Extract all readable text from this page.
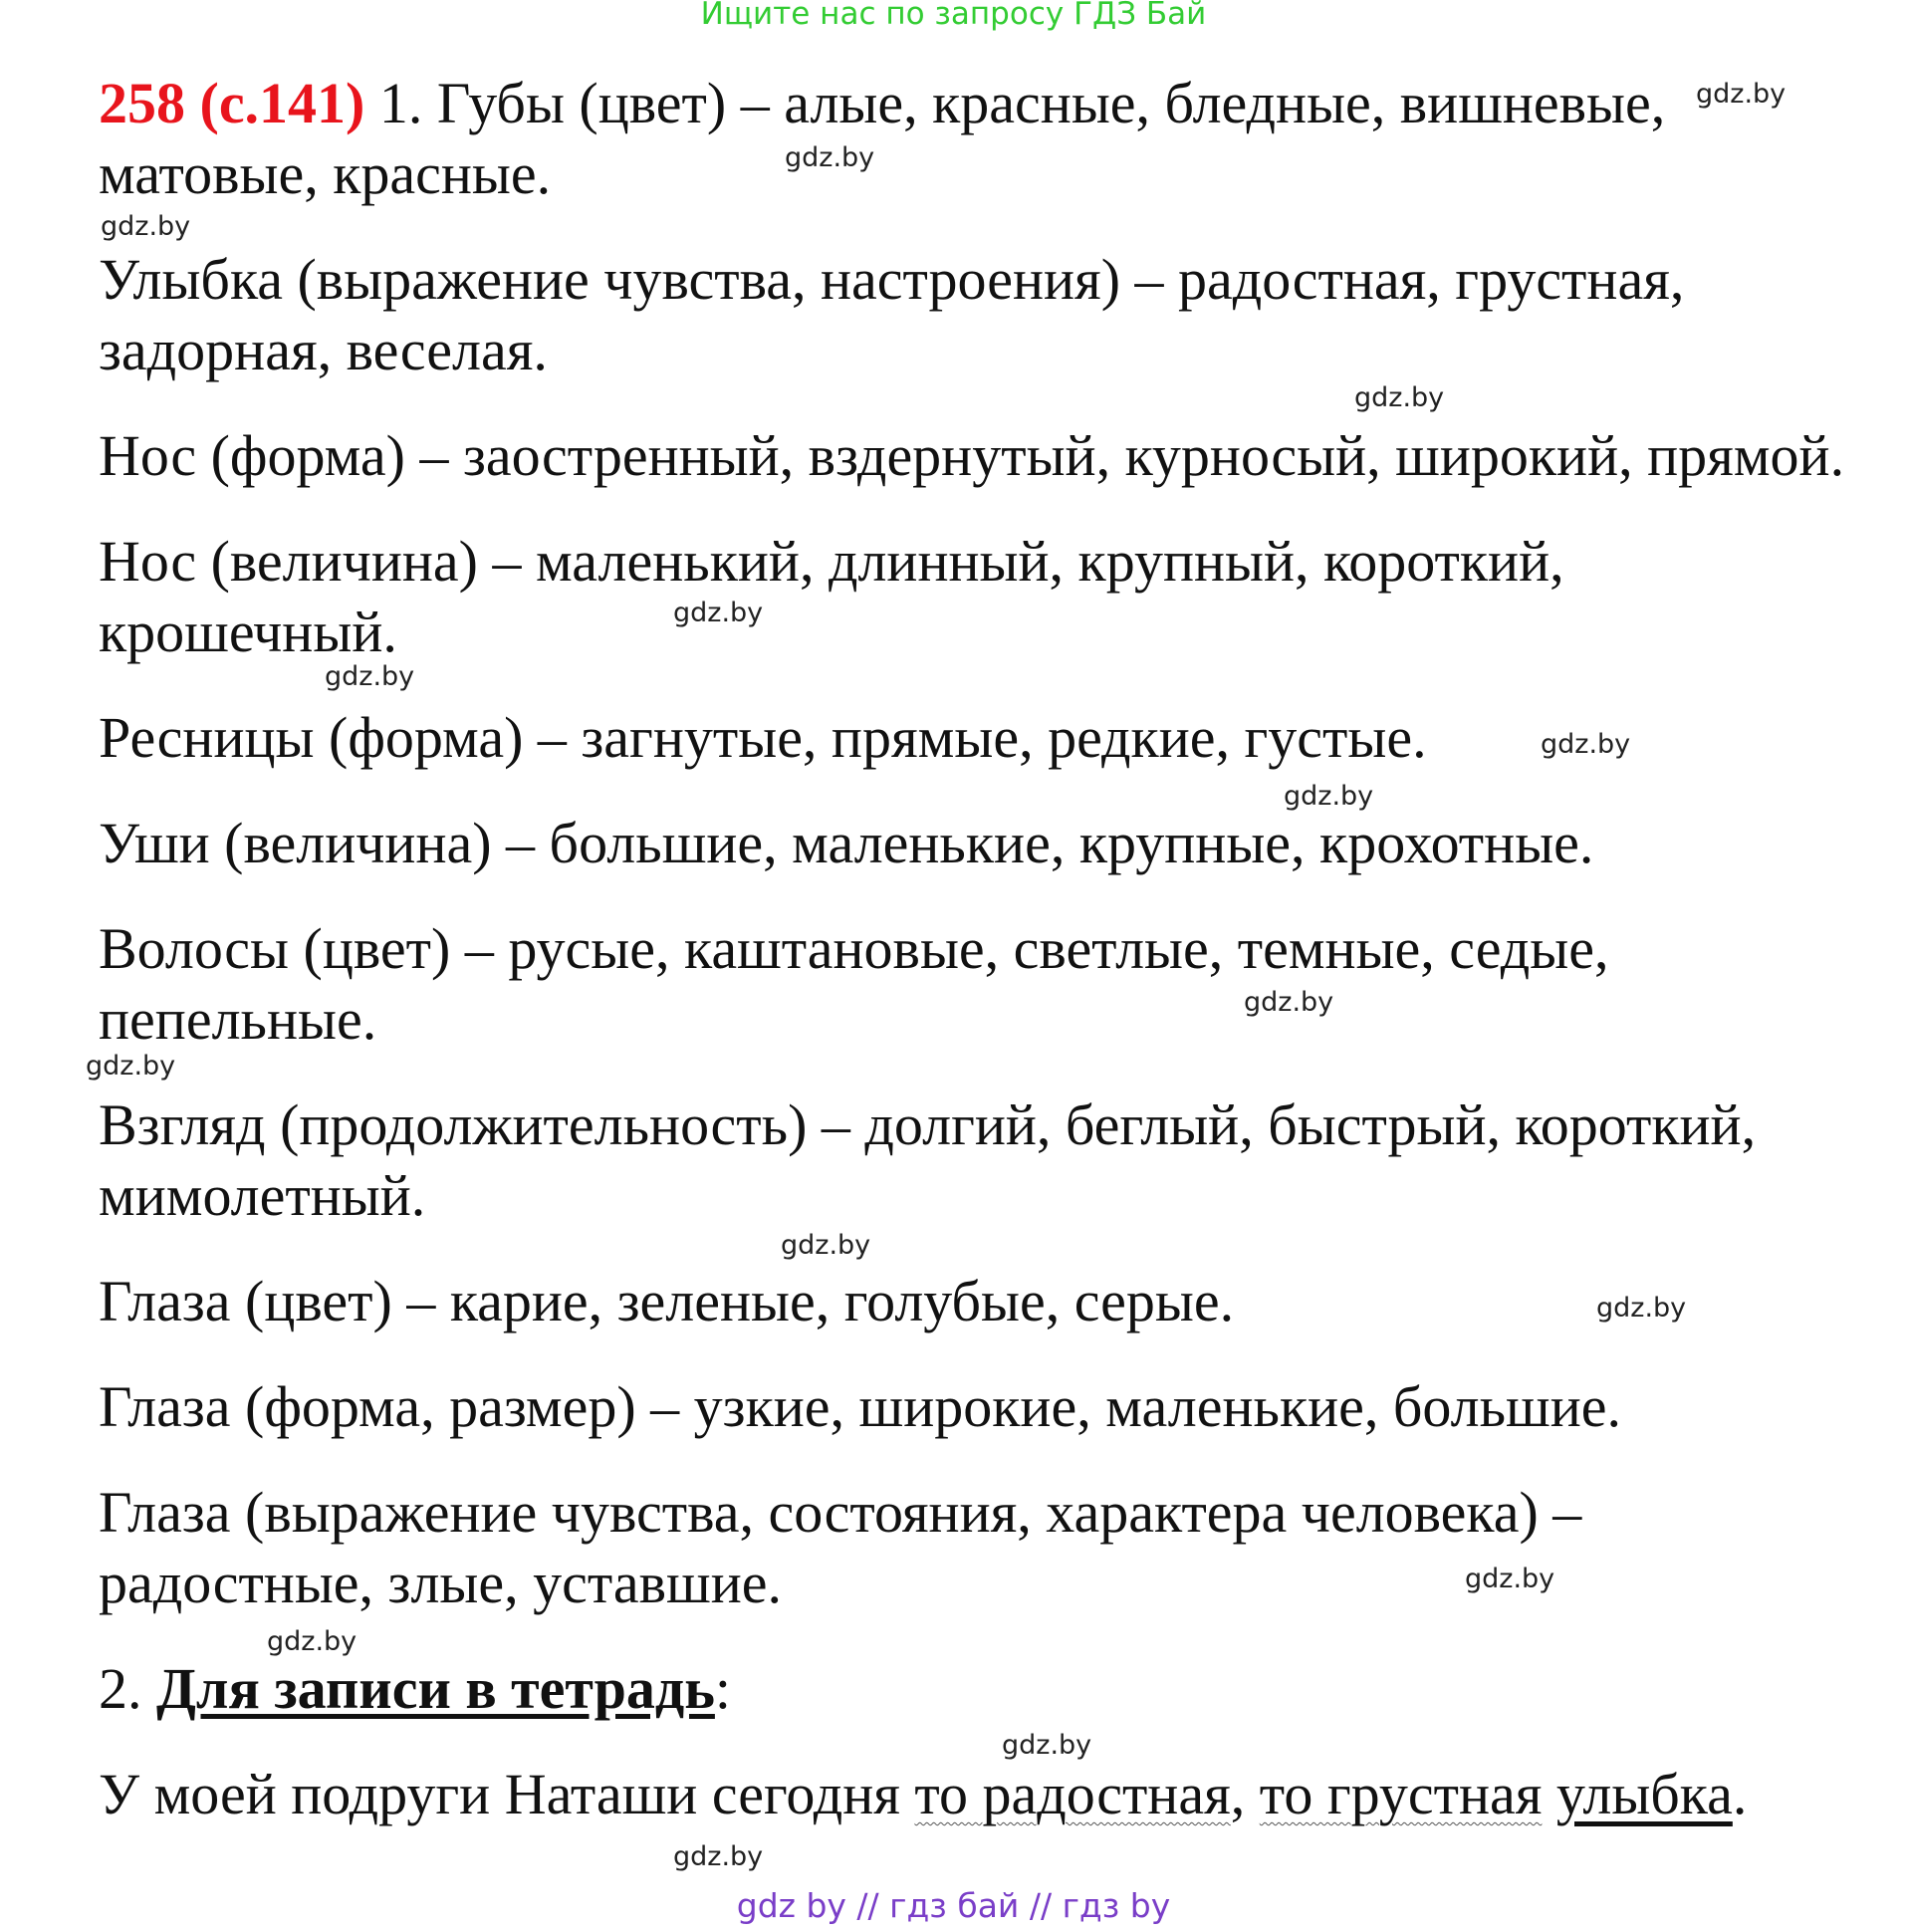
Ищите нас по запросу ГДЗ Бай
258 (с.141) 1. Губы (цвет) – алые, красные, бледные, вишневые,
матовые, красные.
Улыбка (выражение чувства, настроения) – радостная, грустная,
задорная, веселая.
Нос (форма) – заостренный, вздернутый, курносый, широкий, прямой.
Нос (величина) – маленький, длинный, крупный, короткий,
крошечный.
Ресницы (форма) – загнутые, прямые, редкие, густые.
Уши (величина) – большие, маленькие, крупные, крохотные.
Волосы (цвет) – русые, каштановые, светлые, темные, седые,
пепельные.
Взгляд (продолжительность) – долгий, беглый, быстрый, короткий,
мимолетный.
Глаза (цвет) – карие, зеленые, голубые, серые.
Глаза (форма, размер) – узкие, широкие, маленькие, большие.
Глаза (выражение чувства, состояния, характера человека) –
радостные, злые, уставшие.
2. Для записи в тетрадь:
У моей подруги Наташи сегодня то радостная, то грустная улыбка.
gdz.by
gdz.by
gdz.by
gdz.by
gdz.by
gdz.by
gdz.by
gdz.by
gdz.by
gdz.by
gdz.by
gdz.by
gdz.by
gdz.by
gdz.by
gdz.by
gdz by // гдз бай // гдз by
